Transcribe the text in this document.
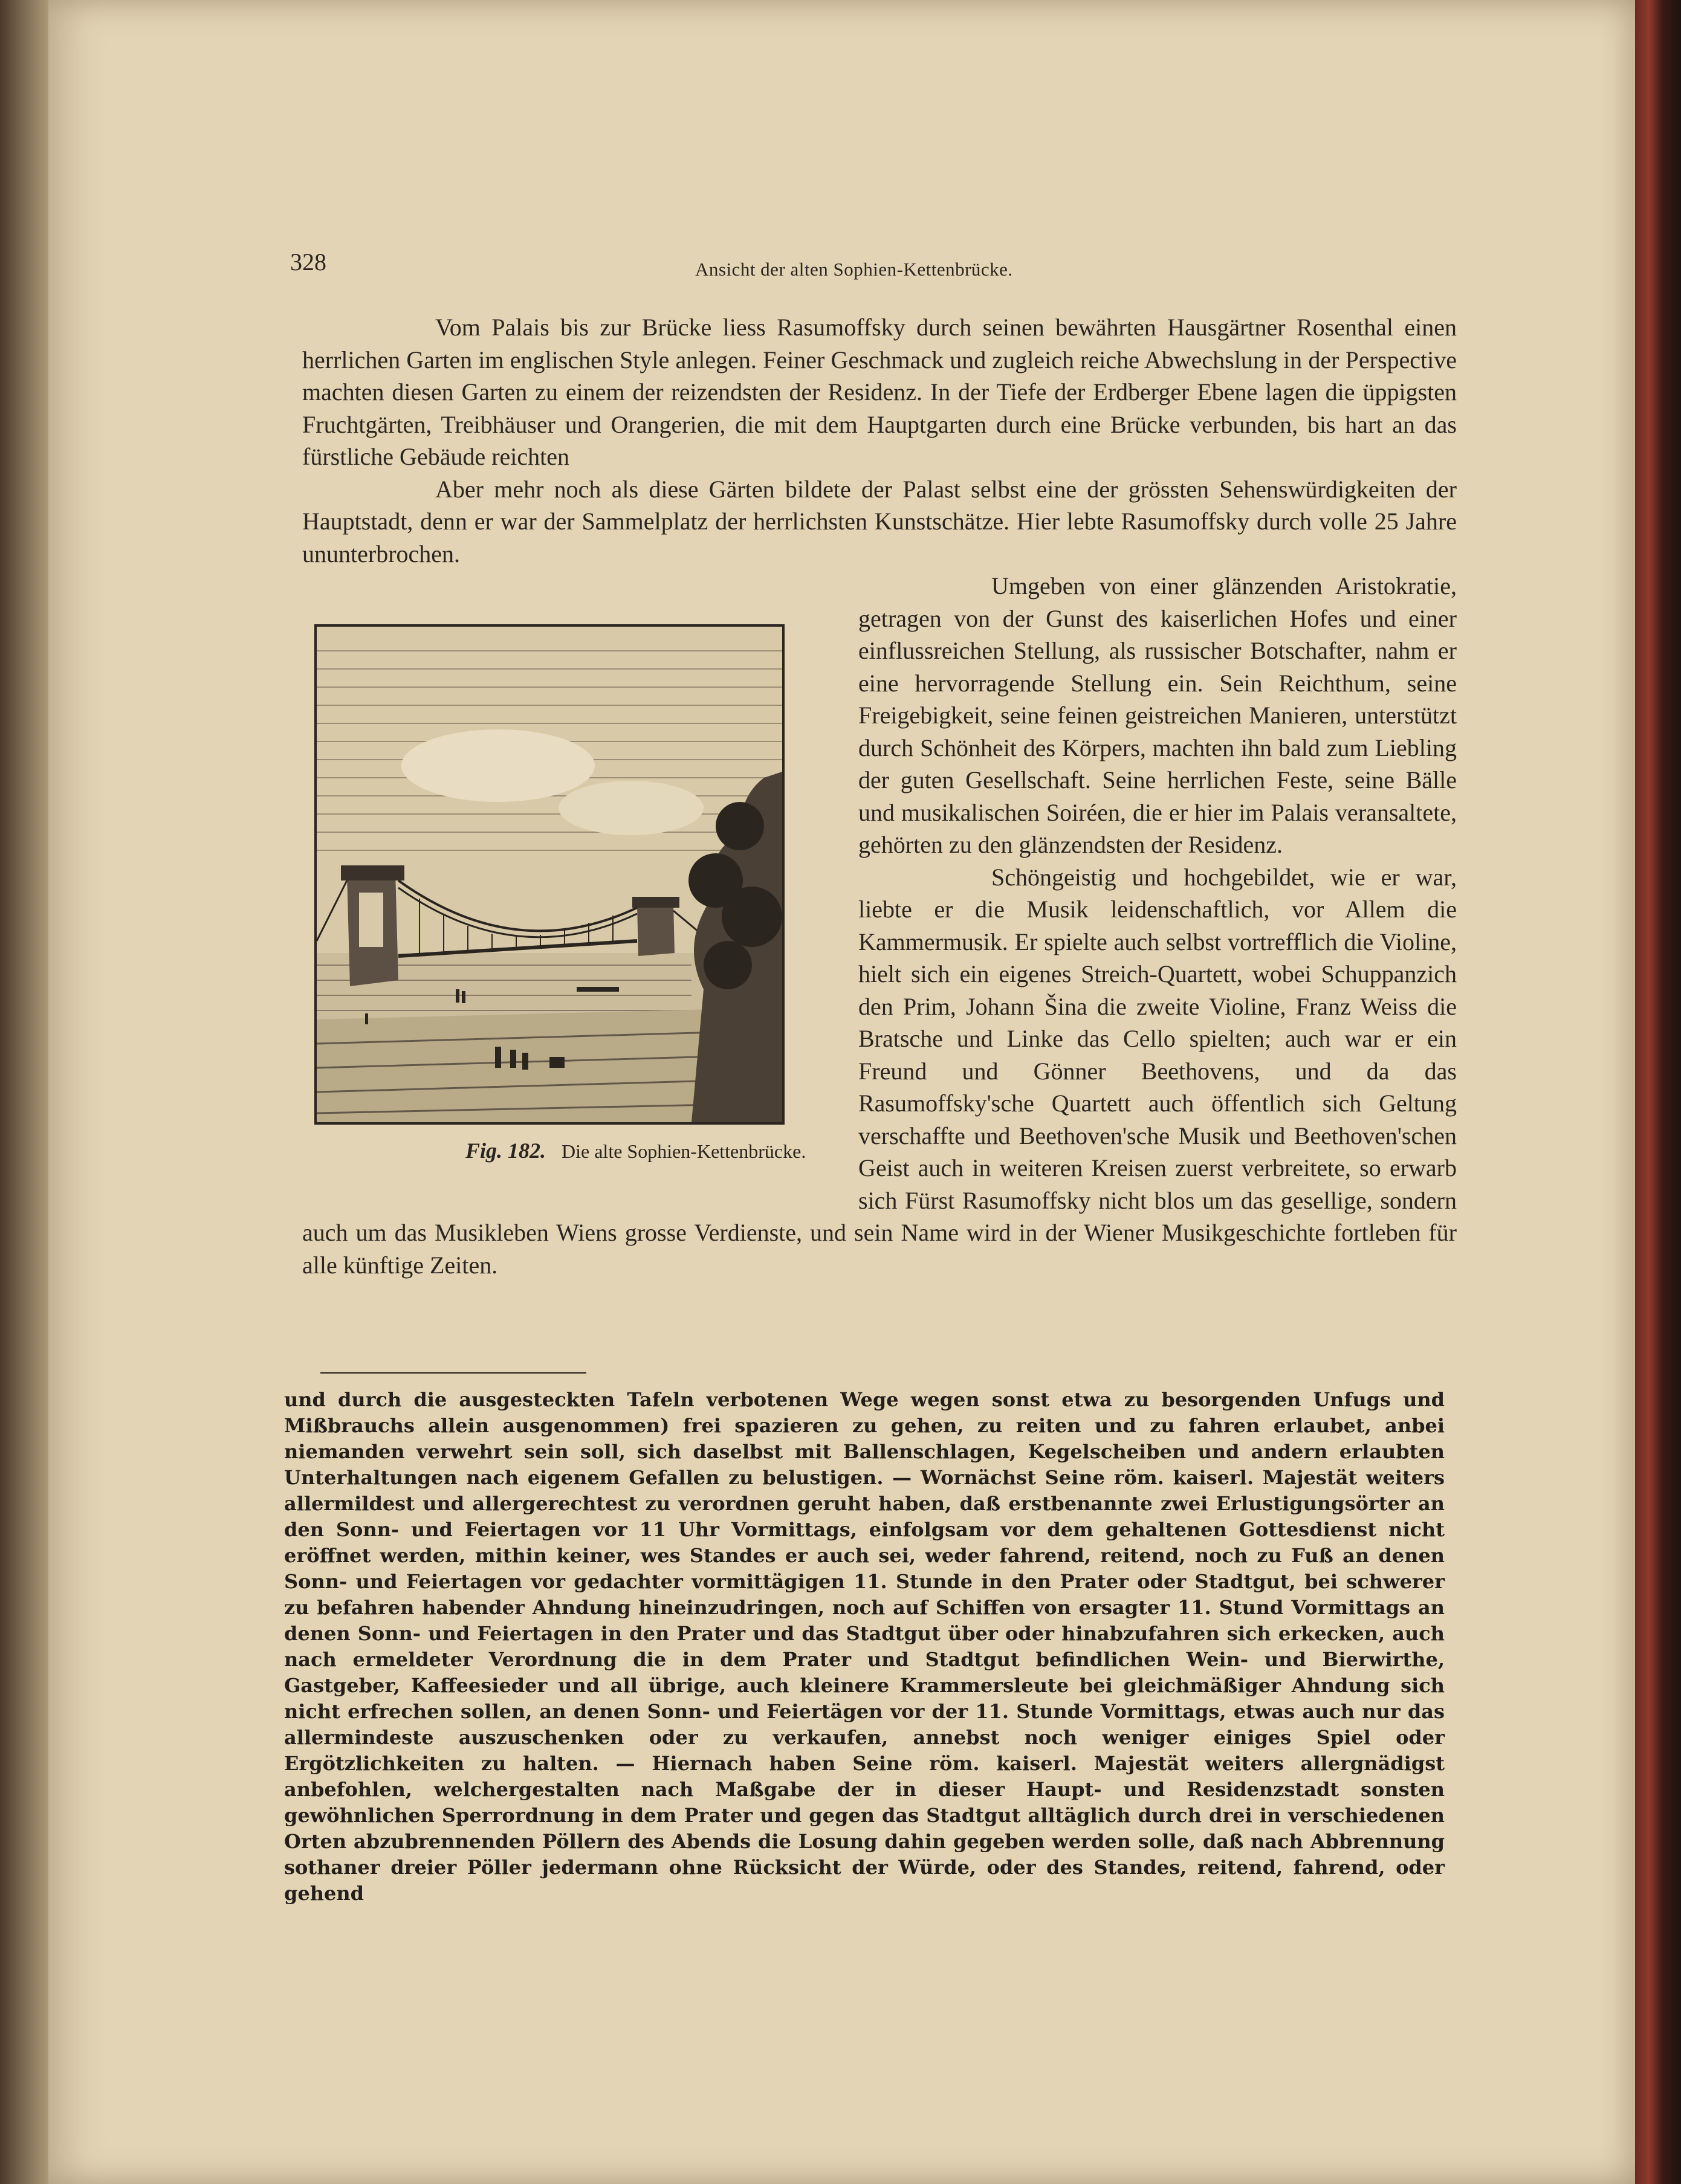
328	Ansicht der alten Sophien-Kettenbrücke.

Vom Palais bis zur Brücke liess Rasumoffsky durch seinen bewährten Hausgärtner Rosenthal einen herrlichen Garten im englischen Style anlegen. Feiner Geschmack und zugleich reiche Abwechslung in der Perspective machten diesen Garten zu einem der reizendsten der Residenz. In der Tiefe der Erdberger Ebene lagen die üppigsten Fruchtgärten, Treibhäuser und Orangerien, die mit dem Hauptgarten durch eine Brücke verbunden, bis hart an das fürstliche Gebäude reichten

Aber mehr noch als diese Gärten bildete der Palast selbst eine der grössten Sehenswürdigkeiten der Hauptstadt, denn er war der Sammelplatz der herrlichsten Kunstschätze. Hier lebte Rasumoffsky durch volle 25 Jahre ununterbrochen.

Fig. 182. Die alte Sophien-Kettenbrücke.
Umgeben von einer glänzenden Aristokratie, getragen von der Gunst des kaiserlichen Hofes und einer einflussreichen Stellung, als russischer Botschafter, nahm er eine hervorragende Stellung ein. Sein Reichthum, seine Freigebigkeit, seine feinen geistreichen Manieren, unterstützt durch Schönheit des Körpers, machten ihn bald zum Liebling der guten Gesellschaft. Seine herrlichen Feste, seine Bälle und musikalischen Soiréen, die er hier im Palais veransaltete, gehörten zu den glänzendsten der Residenz.

Schöngeistig und hochgebildet, wie er war, liebte er die Musik leidenschaftlich, vor Allem die Kammermusik. Er spielte auch selbst vortrefflich die Violine, hielt sich ein eigenes Streich-Quartett, wobei Schuppanzich den Prim, Johann Šina die zweite Violine, Franz Weiss die Bratsche und Linke das Cello spielten; auch war er ein Freund und Gönner Beethovens, und da das Rasumoffsky'sche Quartett auch öffentlich sich Geltung verschaffte und Beethoven'sche Musik und Beethoven'schen Geist auch in weiteren Kreisen zuerst verbreitete, so erwarb sich Fürst Rasumoffsky nicht blos um das gesellige, sondern auch um das Musikleben Wiens grosse Verdienste, und sein Name wird in der Wiener Musikgeschichte fortleben für alle künftige Zeiten.

und durch die ausgesteckten Tafeln verbotenen Wege wegen sonst etwa zu besorgenden Unfugs und Mißbrauchs allein ausgenommen) frei spazieren zu gehen, zu reiten und zu fahren erlaubet, anbei niemanden verwehrt sein soll, sich daselbst mit Ballenschlagen, Kegelscheiben und andern erlaubten Unterhaltungen nach eigenem Gefallen zu belustigen. — Wornächst Seine röm. kaiserl. Majestät weiters allermildest und allergerechtest zu verordnen geruht haben, daß erstbenannte zwei Erlustigungsörter an den Sonn- und Feiertagen vor 11 Uhr Vormittags, einfolgsam vor dem gehaltenen Gottesdienst nicht eröffnet werden, mithin keiner, wes Standes er auch sei, weder fahrend, reitend, noch zu Fuß an denen Sonn- und Feiertagen vor gedachter vormittägigen 11. Stunde in den Prater oder Stadtgut, bei schwerer zu befahren habender Ahndung hineinzudringen, noch auf Schiffen von ersagter 11. Stund Vormittags an denen Sonn- und Feiertagen in den Prater und das Stadtgut über oder hinabzufahren sich erkecken, auch nach ermeldeter Verordnung die in dem Prater und Stadtgut befindlichen Wein- und Bierwirthe, Gastgeber, Kaffeesieder und all übrige, auch kleinere Krammersleute bei gleichmäßiger Ahndung sich nicht erfrechen sollen, an denen Sonn- und Feiertägen vor der 11. Stunde Vormittags, etwas auch nur das allermindeste auszuschenken oder zu verkaufen, annebst noch weniger einiges Spiel oder Ergötzlichkeiten zu halten. — Hiernach haben Seine röm. kaiserl. Majestät weiters allergnädigst anbefohlen, welchergestalten nach Maßgabe der in dieser Haupt- und Residenzstadt sonsten gewöhnlichen Sperrordnung in dem Prater und gegen das Stadtgut alltäglich durch drei in verschiedenen Orten abzubrennenden Pöllern des Abends die Losung dahin gegeben werden solle, daß nach Abbrennung sothaner dreier Pöller jedermann ohne Rücksicht der Würde, oder des Standes, reitend, fahrend, oder gehend
